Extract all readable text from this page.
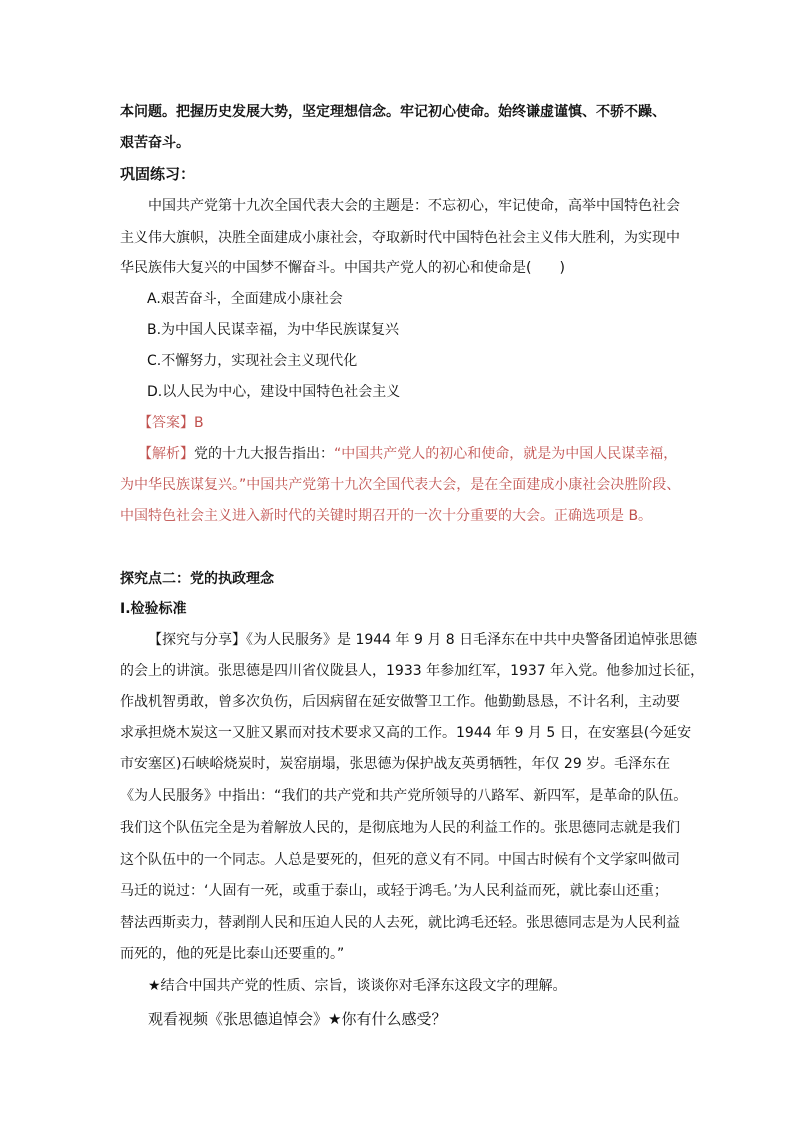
本问题。把握历史发展大势，坚定理想信念。牢记初心使命。始终谦虚谨慎、不骄不躁、

艰苦奋斗。

巩固练习：

中国共产党第十九次全国代表大会的主题是：不忘初心，牢记使命，高举中国特色社会

主义伟大旗帜，决胜全面建成小康社会，夺取新时代中国特色社会主义伟大胜利，为实现中

华民族伟大复兴的中国梦不懈奋斗。中国共产党人的初心和使命是(　　)

A.艰苦奋斗，全面建成小康社会

B.为中国人民谋幸福，为中华民族谋复兴

C.不懈努力，实现社会主义现代化

D.以人民为中心，建设中国特色社会主义

【答案】B

【解析】党的十九大报告指出：“中国共产党人的初心和使命，就是为中国人民谋幸福，

为中华民族谋复兴。”中国共产党第十九次全国代表大会，是在全面建成小康社会决胜阶段、

中国特色社会主义进入新时代的关键时期召开的一次十分重要的大会。正确选项是 B。

探究点二：党的执政理念

Ⅰ.检验标准

【探究与分享】《为人民服务》是 1944 年 9 月 8 日毛泽东在中共中央警备团追悼张思德

的会上的讲演。张思德是四川省仪陇县人，1933 年参加红军，1937 年入党。他参加过长征，

作战机智勇敢，曾多次负伤，后因病留在延安做警卫工作。他勤勤恳恳，不计名利，主动要

求承担烧木炭这一又脏又累而对技术要求又高的工作。1944 年 9 月 5 日，在安塞县(今延安

市安塞区)石峡峪烧炭时，炭窑崩塌，张思德为保护战友英勇牺牲，年仅 29 岁。毛泽东在

《为人民服务》中指出：“我们的共产党和共产党所领导的八路军、新四军，是革命的队伍。

我们这个队伍完全是为着解放人民的，是彻底地为人民的利益工作的。张思德同志就是我们

这个队伍中的一个同志。人总是要死的，但死的意义有不同。中国古时候有个文学家叫做司

马迁的说过：‘人固有一死，或重于泰山，或轻于鸿毛。’为人民利益而死，就比泰山还重；

替法西斯卖力，替剥削人民和压迫人民的人去死，就比鸿毛还轻。张思德同志是为人民利益

而死的，他的死是比泰山还要重的。”

★结合中国共产党的性质、宗旨，谈谈你对毛泽东这段文字的理解。

观看视频《张思德追悼会》★你有什么感受？
